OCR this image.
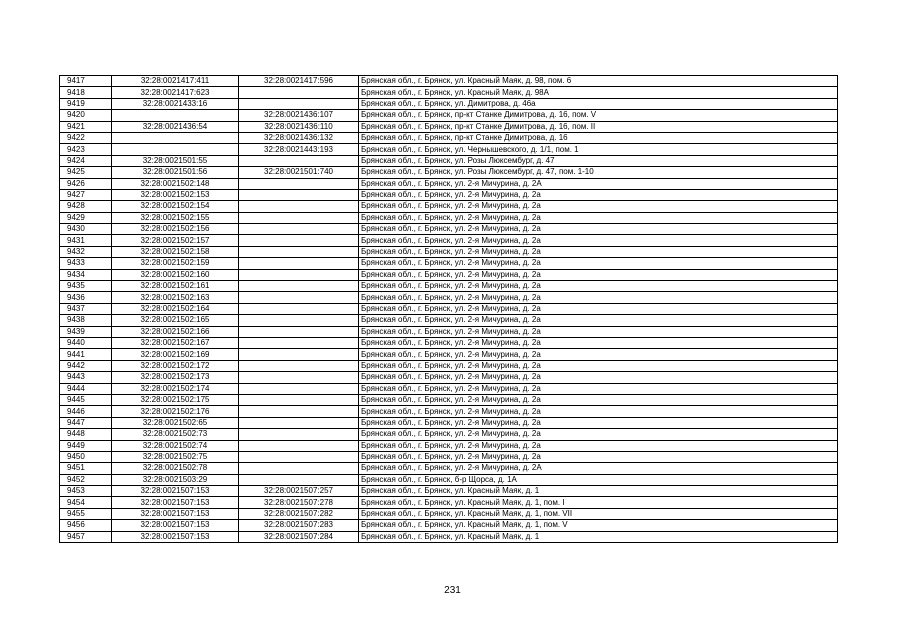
9417	32:28:0021417:411	32:28:0021417:596	Брянская обл., г. Брянск, ул. Красный Маяк, д. 98, пом. 6
9418	32:28:0021417:623		Брянская обл., г. Брянск, ул. Красный Маяк, д. 98А
9419	32:28:0021433:16		Брянская обл., г. Брянск, ул. Димитрова, д. 46а
9420		32:28:0021436:107	Брянская обл., г. Брянск, пр-кт Станке Димитрова, д. 16, пом. V
9421	32:28:0021436:54	32:28:0021436:110	Брянская обл., г. Брянск, пр-кт Станке Димитрова, д. 16, пом. II
9422		32:28:0021436:132	Брянская обл., г. Брянск, пр-кт Станке Димитрова, д. 16
9423		32:28:0021443:193	Брянская обл., г. Брянск, ул. Чернышевского, д. 1/1, пом. 1
9424	32:28:0021501:55		Брянская обл., г. Брянск, ул. Розы Люксембург, д. 47
9425	32:28:0021501:56	32:28:0021501:740	Брянская обл., г. Брянск, ул. Розы Люксембург, д. 47, пом. 1-10
9426	32:28:0021502:148		Брянская обл., г. Брянск, ул. 2-я Мичурина, д. 2А
9427	32:28:0021502:153		Брянская обл., г. Брянск, ул. 2-я Мичурина, д. 2а
9428	32:28:0021502:154		Брянская обл., г. Брянск, ул. 2-я Мичурина, д. 2а
9429	32:28:0021502:155		Брянская обл., г. Брянск, ул. 2-я Мичурина, д. 2а
9430	32:28:0021502:156		Брянская обл., г. Брянск, ул. 2-я Мичурина, д. 2а
9431	32:28:0021502:157		Брянская обл., г. Брянск, ул. 2-я Мичурина, д. 2а
9432	32:28:0021502:158		Брянская обл., г. Брянск, ул. 2-я Мичурина, д. 2а
9433	32:28:0021502:159		Брянская обл., г. Брянск, ул. 2-я Мичурина, д. 2а
9434	32:28:0021502:160		Брянская обл., г. Брянск, ул. 2-я Мичурина, д. 2а
9435	32:28:0021502:161		Брянская обл., г. Брянск, ул. 2-я Мичурина, д. 2а
9436	32:28:0021502:163		Брянская обл., г. Брянск, ул. 2-я Мичурина, д. 2а
9437	32:28:0021502:164		Брянская обл., г. Брянск, ул. 2-я Мичурина, д. 2а
9438	32:28:0021502:165		Брянская обл., г. Брянск, ул. 2-я Мичурина, д. 2а
9439	32:28:0021502:166		Брянская обл., г. Брянск, ул. 2-я Мичурина, д. 2а
9440	32:28:0021502:167		Брянская обл., г. Брянск, ул. 2-я Мичурина, д. 2а
9441	32:28:0021502:169		Брянская обл., г. Брянск, ул. 2-я Мичурина, д. 2а
9442	32:28:0021502:172		Брянская обл., г. Брянск, ул. 2-я Мичурина, д. 2а
9443	32:28:0021502:173		Брянская обл., г. Брянск, ул. 2-я Мичурина, д. 2а
9444	32:28:0021502:174		Брянская обл., г. Брянск, ул. 2-я Мичурина, д. 2а
9445	32:28:0021502:175		Брянская обл., г. Брянск, ул. 2-я Мичурина, д. 2а
9446	32:28:0021502:176		Брянская обл., г. Брянск, ул. 2-я Мичурина, д. 2а
9447	32:28:0021502:65		Брянская обл., г. Брянск, ул. 2-я Мичурина, д. 2а
9448	32:28:0021502:73		Брянская обл., г. Брянск, ул. 2-я Мичурина, д. 2а
9449	32:28:0021502:74		Брянская обл., г. Брянск, ул. 2-я Мичурина, д. 2а
9450	32:28:0021502:75		Брянская обл., г. Брянск, ул. 2-я Мичурина, д. 2а
9451	32:28:0021502:78		Брянская обл., г. Брянск, ул. 2-я Мичурина, д. 2А
9452	32:28:0021503:29		Брянская обл., г. Брянск, б-р Щорса, д. 1А
9453	32:28:0021507:153	32:28:0021507:257	Брянская обл., г. Брянск, ул. Красный Маяк, д. 1
9454	32:28:0021507:153	32:28:0021507:278	Брянская обл., г. Брянск, ул. Красный Маяк, д. 1, пом. I
9455	32:28:0021507:153	32:28:0021507:282	Брянская обл., г. Брянск, ул. Красный Маяк, д. 1, пом. VII
9456	32:28:0021507:153	32:28:0021507:283	Брянская обл., г. Брянск, ул. Красный Маяк, д. 1, пом. V
9457	32:28:0021507:153	32:28:0021507:284	Брянская обл., г. Брянск, ул. Красный Маяк, д. 1
231
